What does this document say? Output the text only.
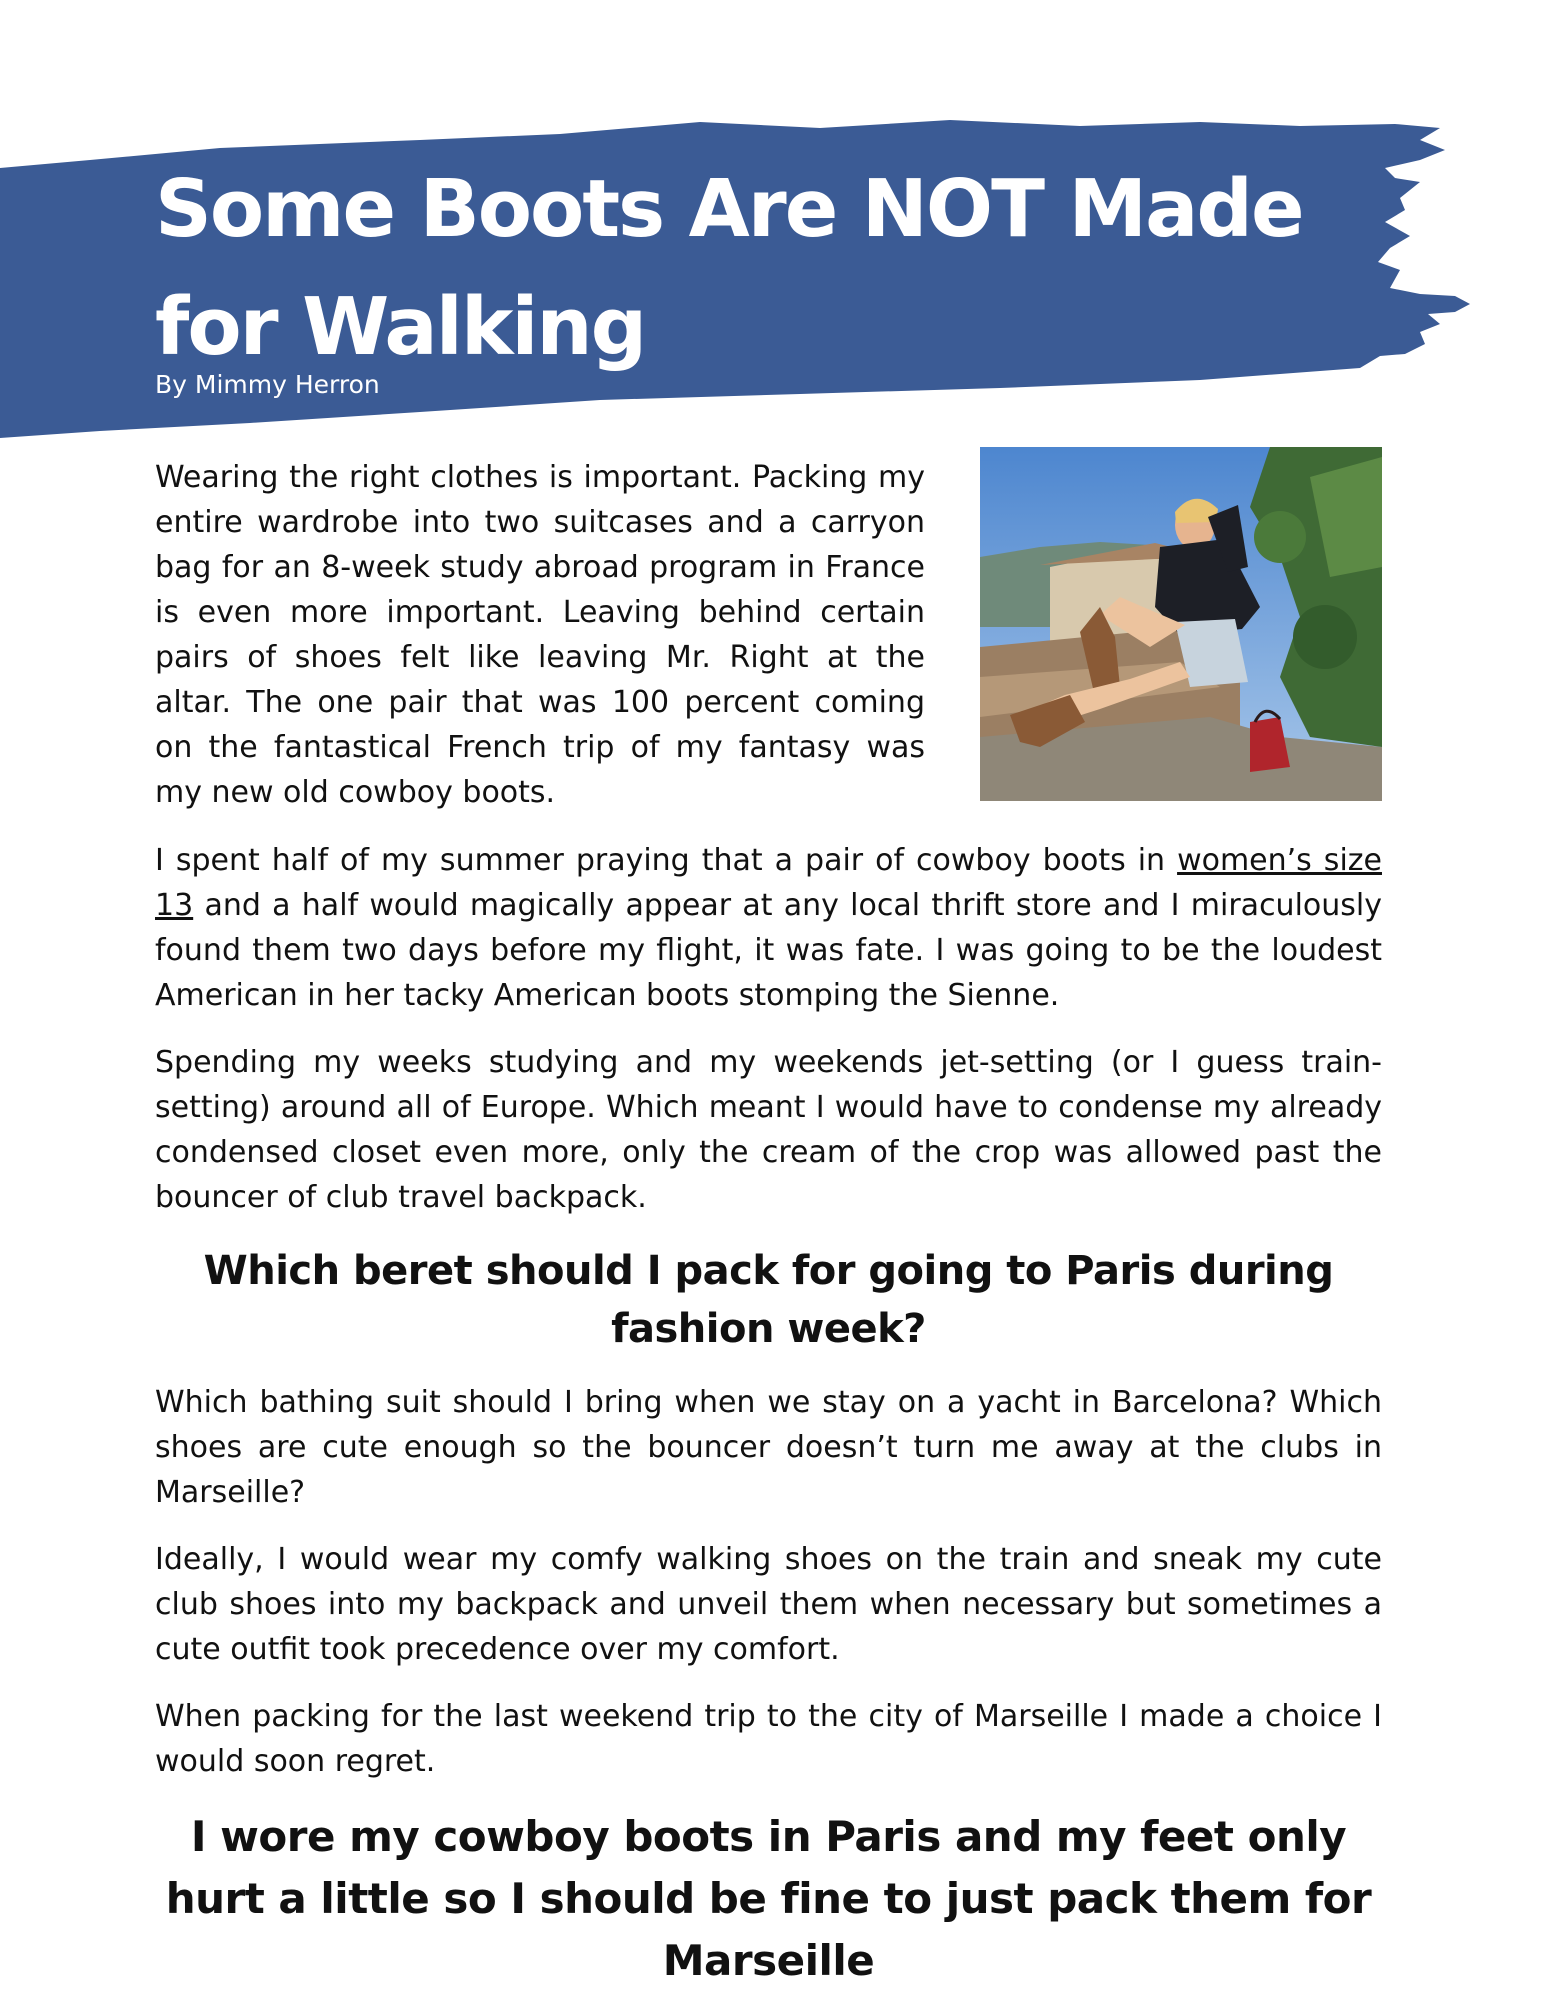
Some Boots Are NOT Made for Walking
By Mimmy Herron

Wearing the right clothes is important. Packing my entire wardrobe into two suitcases and a carryon bag for an 8-week study abroad program in France is even more important. Leaving behind certain pairs of shoes felt like leaving Mr. Right at the altar. The one pair that was 100 percent coming on the fantastical French trip of my fantasy was my new old cowboy boots.

I spent half of my summer praying that a pair of cowboy boots in women’s size 13 and a half would magically appear at any local thrift store and I miraculously found them two days before my flight, it was fate. I was going to be the loudest American in her tacky American boots stomping the Sienne.

Spending my weeks studying and my weekends jet-setting (or I guess train-setting) around all of Europe. Which meant I would have to condense my already condensed closet even more, only the cream of the crop was allowed past the bouncer of club travel backpack.

Which beret should I pack for going to Paris during fashion week?

Which bathing suit should I bring when we stay on a yacht in Barcelona? Which shoes are cute enough so the bouncer doesn’t turn me away at the clubs in Marseille?

Ideally, I would wear my comfy walking shoes on the train and sneak my cute club shoes into my backpack and unveil them when necessary but sometimes a cute outfit took precedence over my comfort.

When packing for the last weekend trip to the city of Marseille I made a choice I would soon regret.

I wore my cowboy boots in Paris and my feet only hurt a little so I should be fine to just pack them for Marseille
